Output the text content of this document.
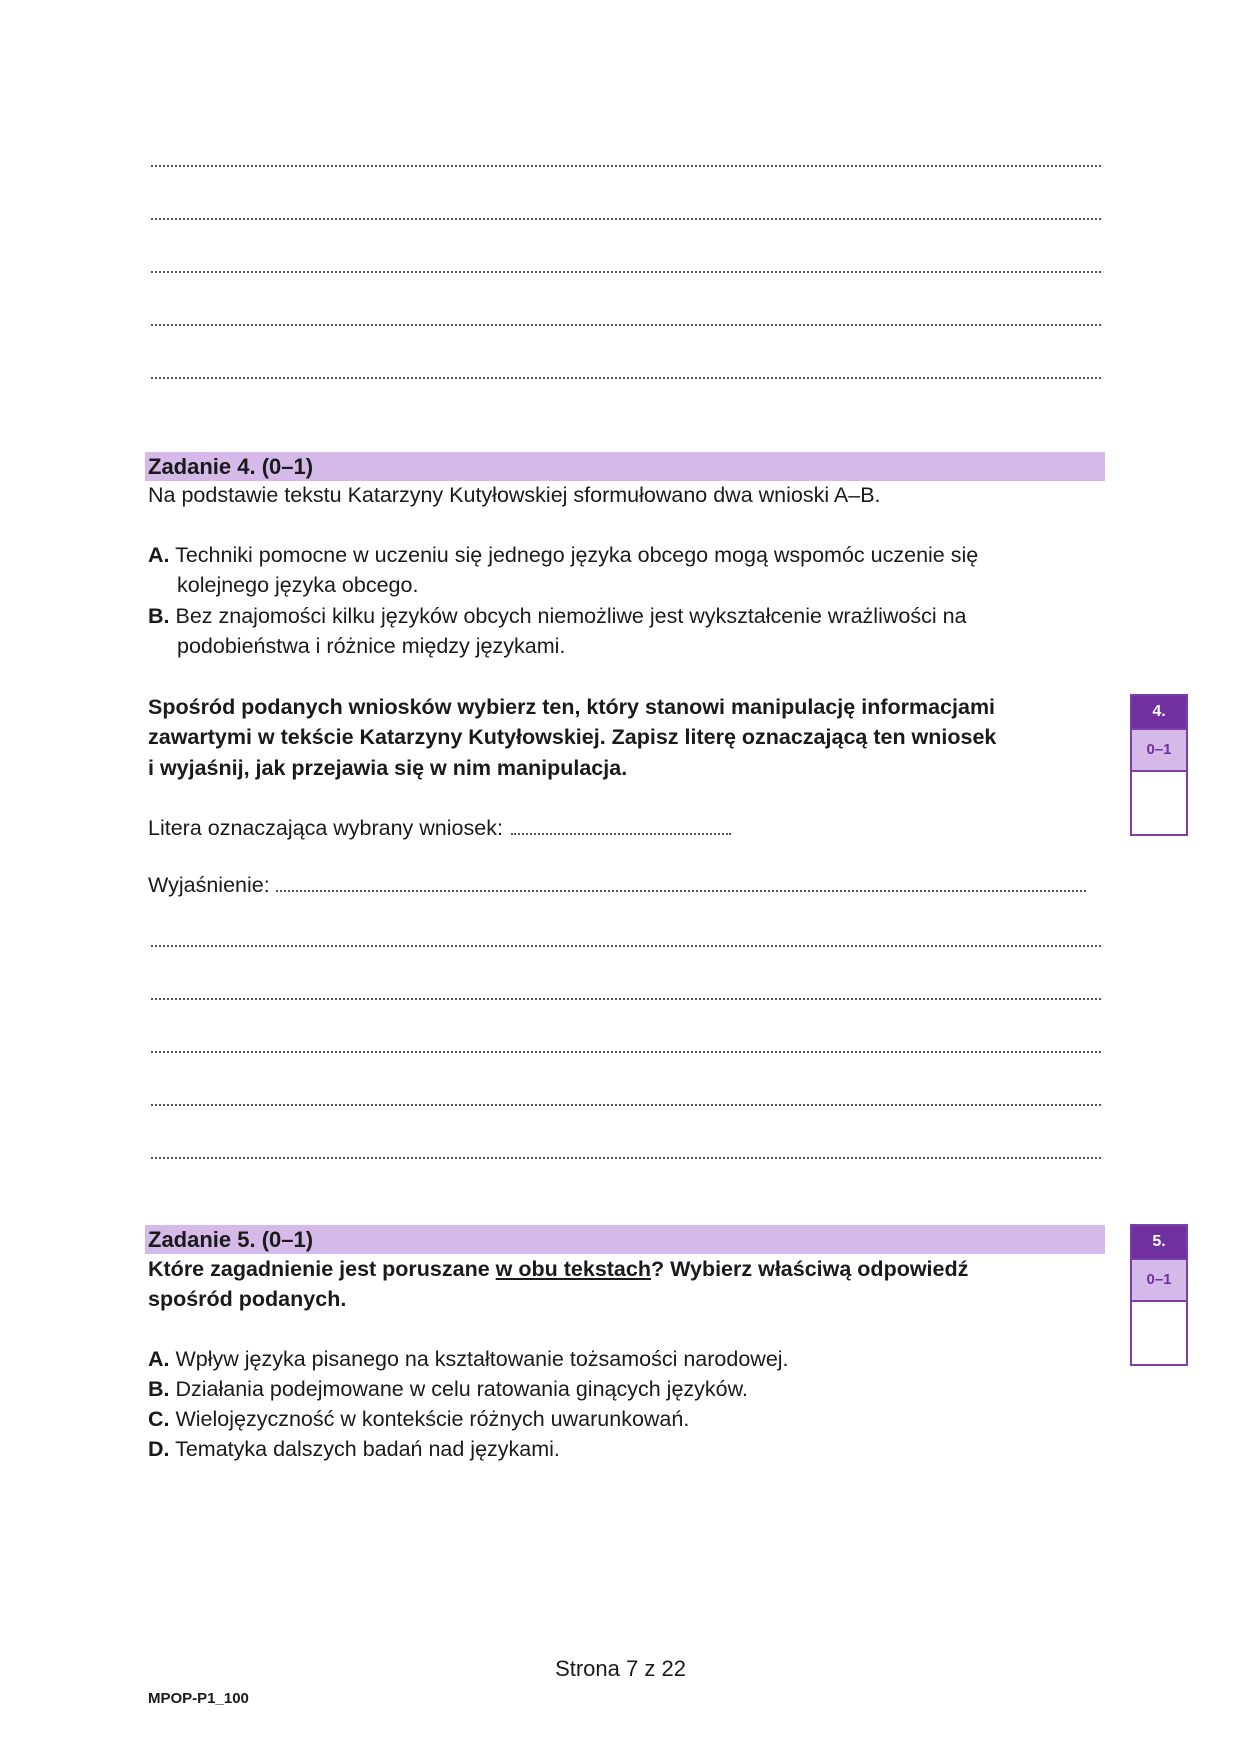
Zadanie 4. (0–1)
Na podstawie tekstu Katarzyny Kutyłowskiej sformułowano dwa wnioski A–B.
A. Techniki pomocne w uczeniu się jednego języka obcego mogą wspomóc uczenie się
kolejnego języka obcego.
B. Bez znajomości kilku języków obcych niemożliwe jest wykształcenie wrażliwości na
podobieństwa i różnice między językami.
Spośród podanych wniosków wybierz ten, który stanowi manipulację informacjami
zawartymi w tekście Katarzyny Kutyłowskiej. Zapisz literę oznaczającą ten wniosek
i wyjaśnij, jak przejawia się w nim manipulacja.
Litera oznaczająca wybrany wniosek:
Wyjaśnienie:
4.
0–1
Zadanie 5. (0–1)
Które zagadnienie jest poruszane w obu tekstach? Wybierz właściwą odpowiedź
spośród podanych.
A. Wpływ języka pisanego na kształtowanie tożsamości narodowej.
B. Działania podejmowane w celu ratowania ginących języków.
C. Wielojęzyczność w kontekście różnych uwarunkowań.
D. Tematyka dalszych badań nad językami.
5.
0–1
Strona 7 z 22
MPOP-P1_100
